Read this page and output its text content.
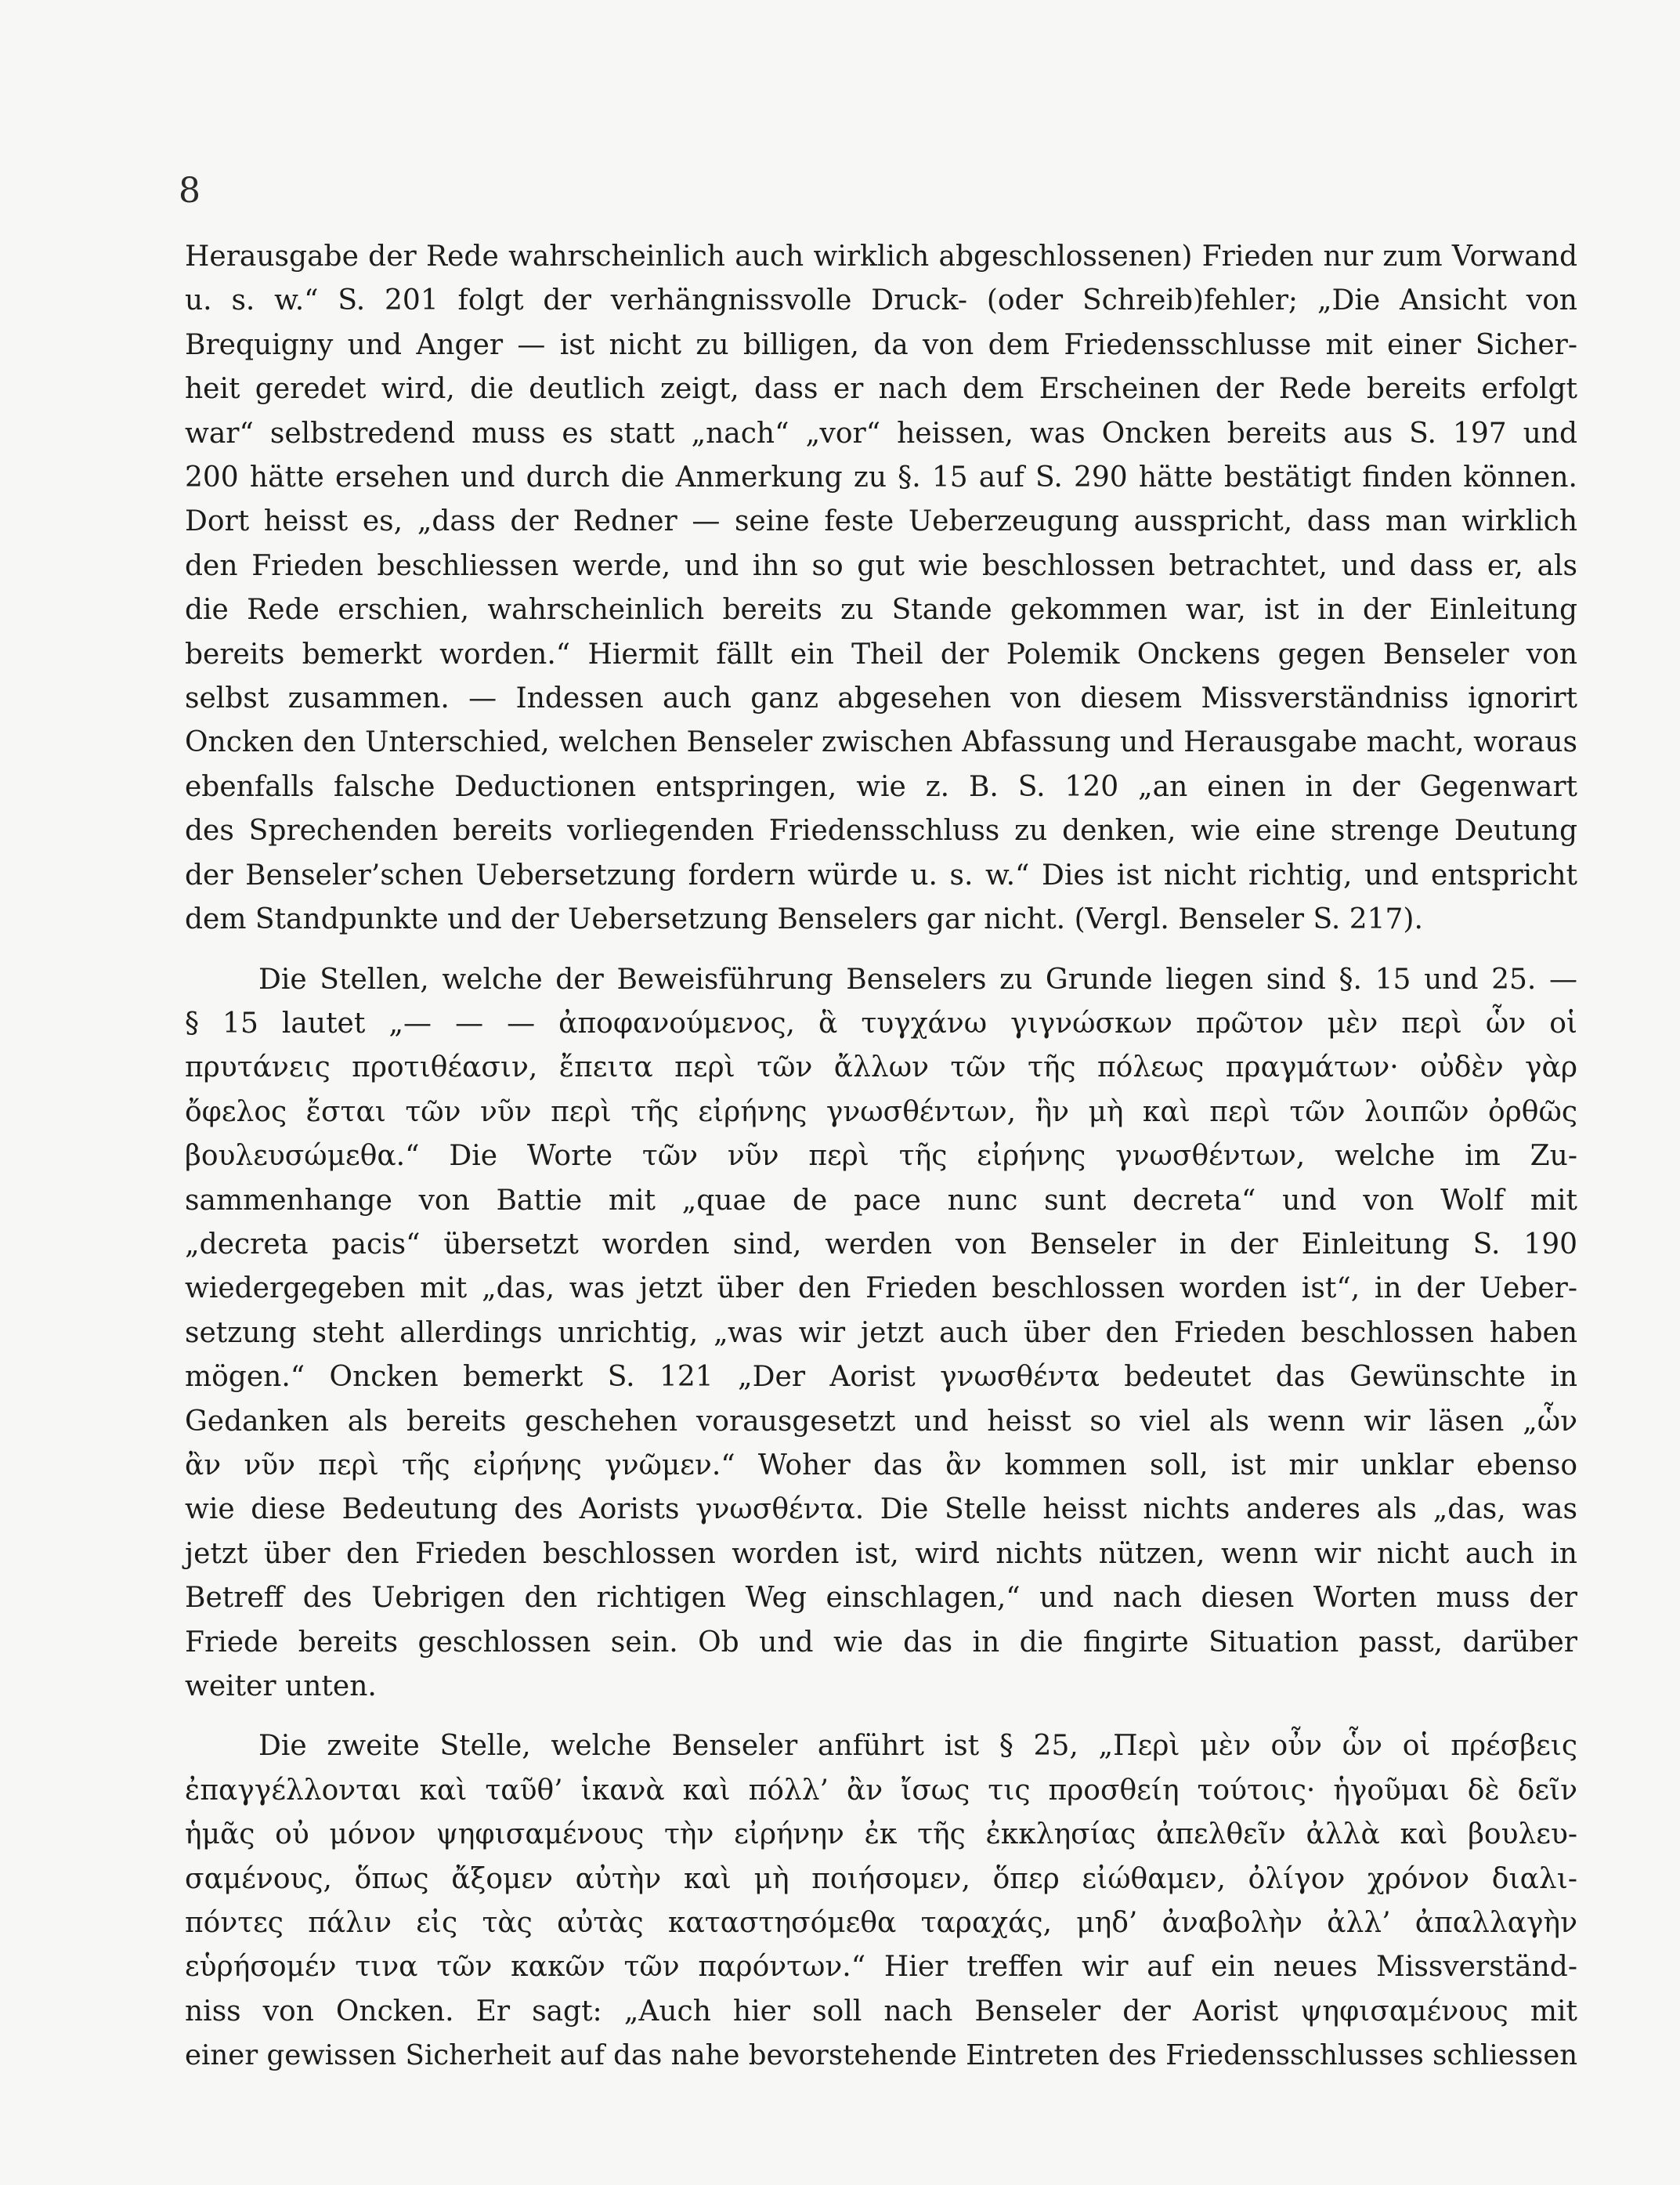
8

Herausgabe der Rede wahrscheinlich auch wirklich abgeschlossenen) Frieden nur zum Vorwand
u. s. w.“ S. 201 folgt der verhängnissvolle Druck- (oder Schreib)fehler; „Die Ansicht von
Brequigny und Anger — ist nicht zu billigen, da von dem Friedensschlusse mit einer Sicher-
heit geredet wird, die deutlich zeigt, dass er nach dem Erscheinen der Rede bereits erfolgt
war“ selbstredend muss es statt „nach“ „vor“ heissen, was Oncken bereits aus S. 197 und
200 hätte ersehen und durch die Anmerkung zu §. 15 auf S. 290 hätte bestätigt finden können.
Dort heisst es, „dass der Redner — seine feste Ueberzeugung ausspricht, dass man wirklich
den Frieden beschliessen werde, und ihn so gut wie beschlossen betrachtet, und dass er, als
die Rede erschien, wahrscheinlich bereits zu Stande gekommen war, ist in der Einleitung
bereits bemerkt worden.“ Hiermit fällt ein Theil der Polemik Onckens gegen Benseler von
selbst zusammen. — Indessen auch ganz abgesehen von diesem Missverständniss ignorirt
Oncken den Unterschied, welchen Benseler zwischen Abfassung und Herausgabe macht, woraus
ebenfalls falsche Deductionen entspringen, wie z. B. S. 120 „an einen in der Gegenwart
des Sprechenden bereits vorliegenden Friedensschluss zu denken, wie eine strenge Deutung
der Benseler’schen Uebersetzung fordern würde u. s. w.“ Dies ist nicht richtig, und entspricht
dem Standpunkte und der Uebersetzung Benselers gar nicht. (Vergl. Benseler S. 217).

Die Stellen, welche der Beweisführung Benselers zu Grunde liegen sind §. 15 und 25. —
§ 15 lautet „— — — ἀποφανούμενος, ἃ τυγχάνω γιγνώσκων πρῶτον μὲν περὶ ὧν οἱ
πρυτάνεις προτιθέασιν, ἔπειτα περὶ τῶν ἄλλων τῶν τῆς πόλεως πραγμάτων· οὐδὲν γὰρ
ὄφελος ἔσται τῶν νῦν περὶ τῆς εἰρήνης γνωσθέντων, ἢν μὴ καὶ περὶ τῶν λοιπῶν ὀρθῶς
βουλευσώμεθα.“ Die Worte τῶν νῦν περὶ τῆς εἰρήνης γνωσθέντων, welche im Zu-
sammenhange von Battie mit „quae de pace nunc sunt decreta“ und von Wolf mit
„decreta pacis“ übersetzt worden sind, werden von Benseler in der Einleitung S. 190
wiedergegeben mit „das, was jetzt über den Frieden beschlossen worden ist“, in der Ueber-
setzung steht allerdings unrichtig, „was wir jetzt auch über den Frieden beschlossen haben
mögen.“ Oncken bemerkt S. 121 „Der Aorist γνωσθέντα bedeutet das Gewünschte in
Gedanken als bereits geschehen vorausgesetzt und heisst so viel als wenn wir läsen „ὧν
ἂν νῦν περὶ τῆς εἰρήνης γνῶμεν.“ Woher das ἂν kommen soll, ist mir unklar ebenso
wie diese Bedeutung des Aorists γνωσθέντα. Die Stelle heisst nichts anderes als „das, was
jetzt über den Frieden beschlossen worden ist, wird nichts nützen, wenn wir nicht auch in
Betreff des Uebrigen den richtigen Weg einschlagen,“ und nach diesen Worten muss der
Friede bereits geschlossen sein. Ob und wie das in die fingirte Situation passt, darüber
weiter unten.

Die zweite Stelle, welche Benseler anführt ist § 25, „Περὶ μὲν οὖν ὧν οἱ πρέσβεις
ἐπαγγέλλονται καὶ ταῦθ’ ἱκανὰ καὶ πόλλ’ ἂν ἴσως τις προσθείη τούτοις· ἡγοῦμαι δὲ δεῖν
ἡμᾶς οὐ μόνον ψηφισαμένους τὴν εἰρήνην ἐκ τῆς ἐκκλησίας ἀπελθεῖν ἀλλὰ καὶ βουλευ-
σαμένους, ὅπως ἄξομεν αὐτὴν καὶ μὴ ποιήσομεν, ὅπερ εἰώθαμεν, ὀλίγον χρόνον διαλι-
πόντες πάλιν εἰς τὰς αὐτὰς καταστησόμεθα ταραχάς, μηδ’ ἀναβολὴν ἀλλ’ ἀπαλλαγὴν
εὑρήσομέν τινα τῶν κακῶν τῶν παρόντων.“ Hier treffen wir auf ein neues Missverständ-
niss von Oncken. Er sagt: „Auch hier soll nach Benseler der Aorist ψηφισαμένους mit
einer gewissen Sicherheit auf das nahe bevorstehende Eintreten des Friedensschlusses schliessen
